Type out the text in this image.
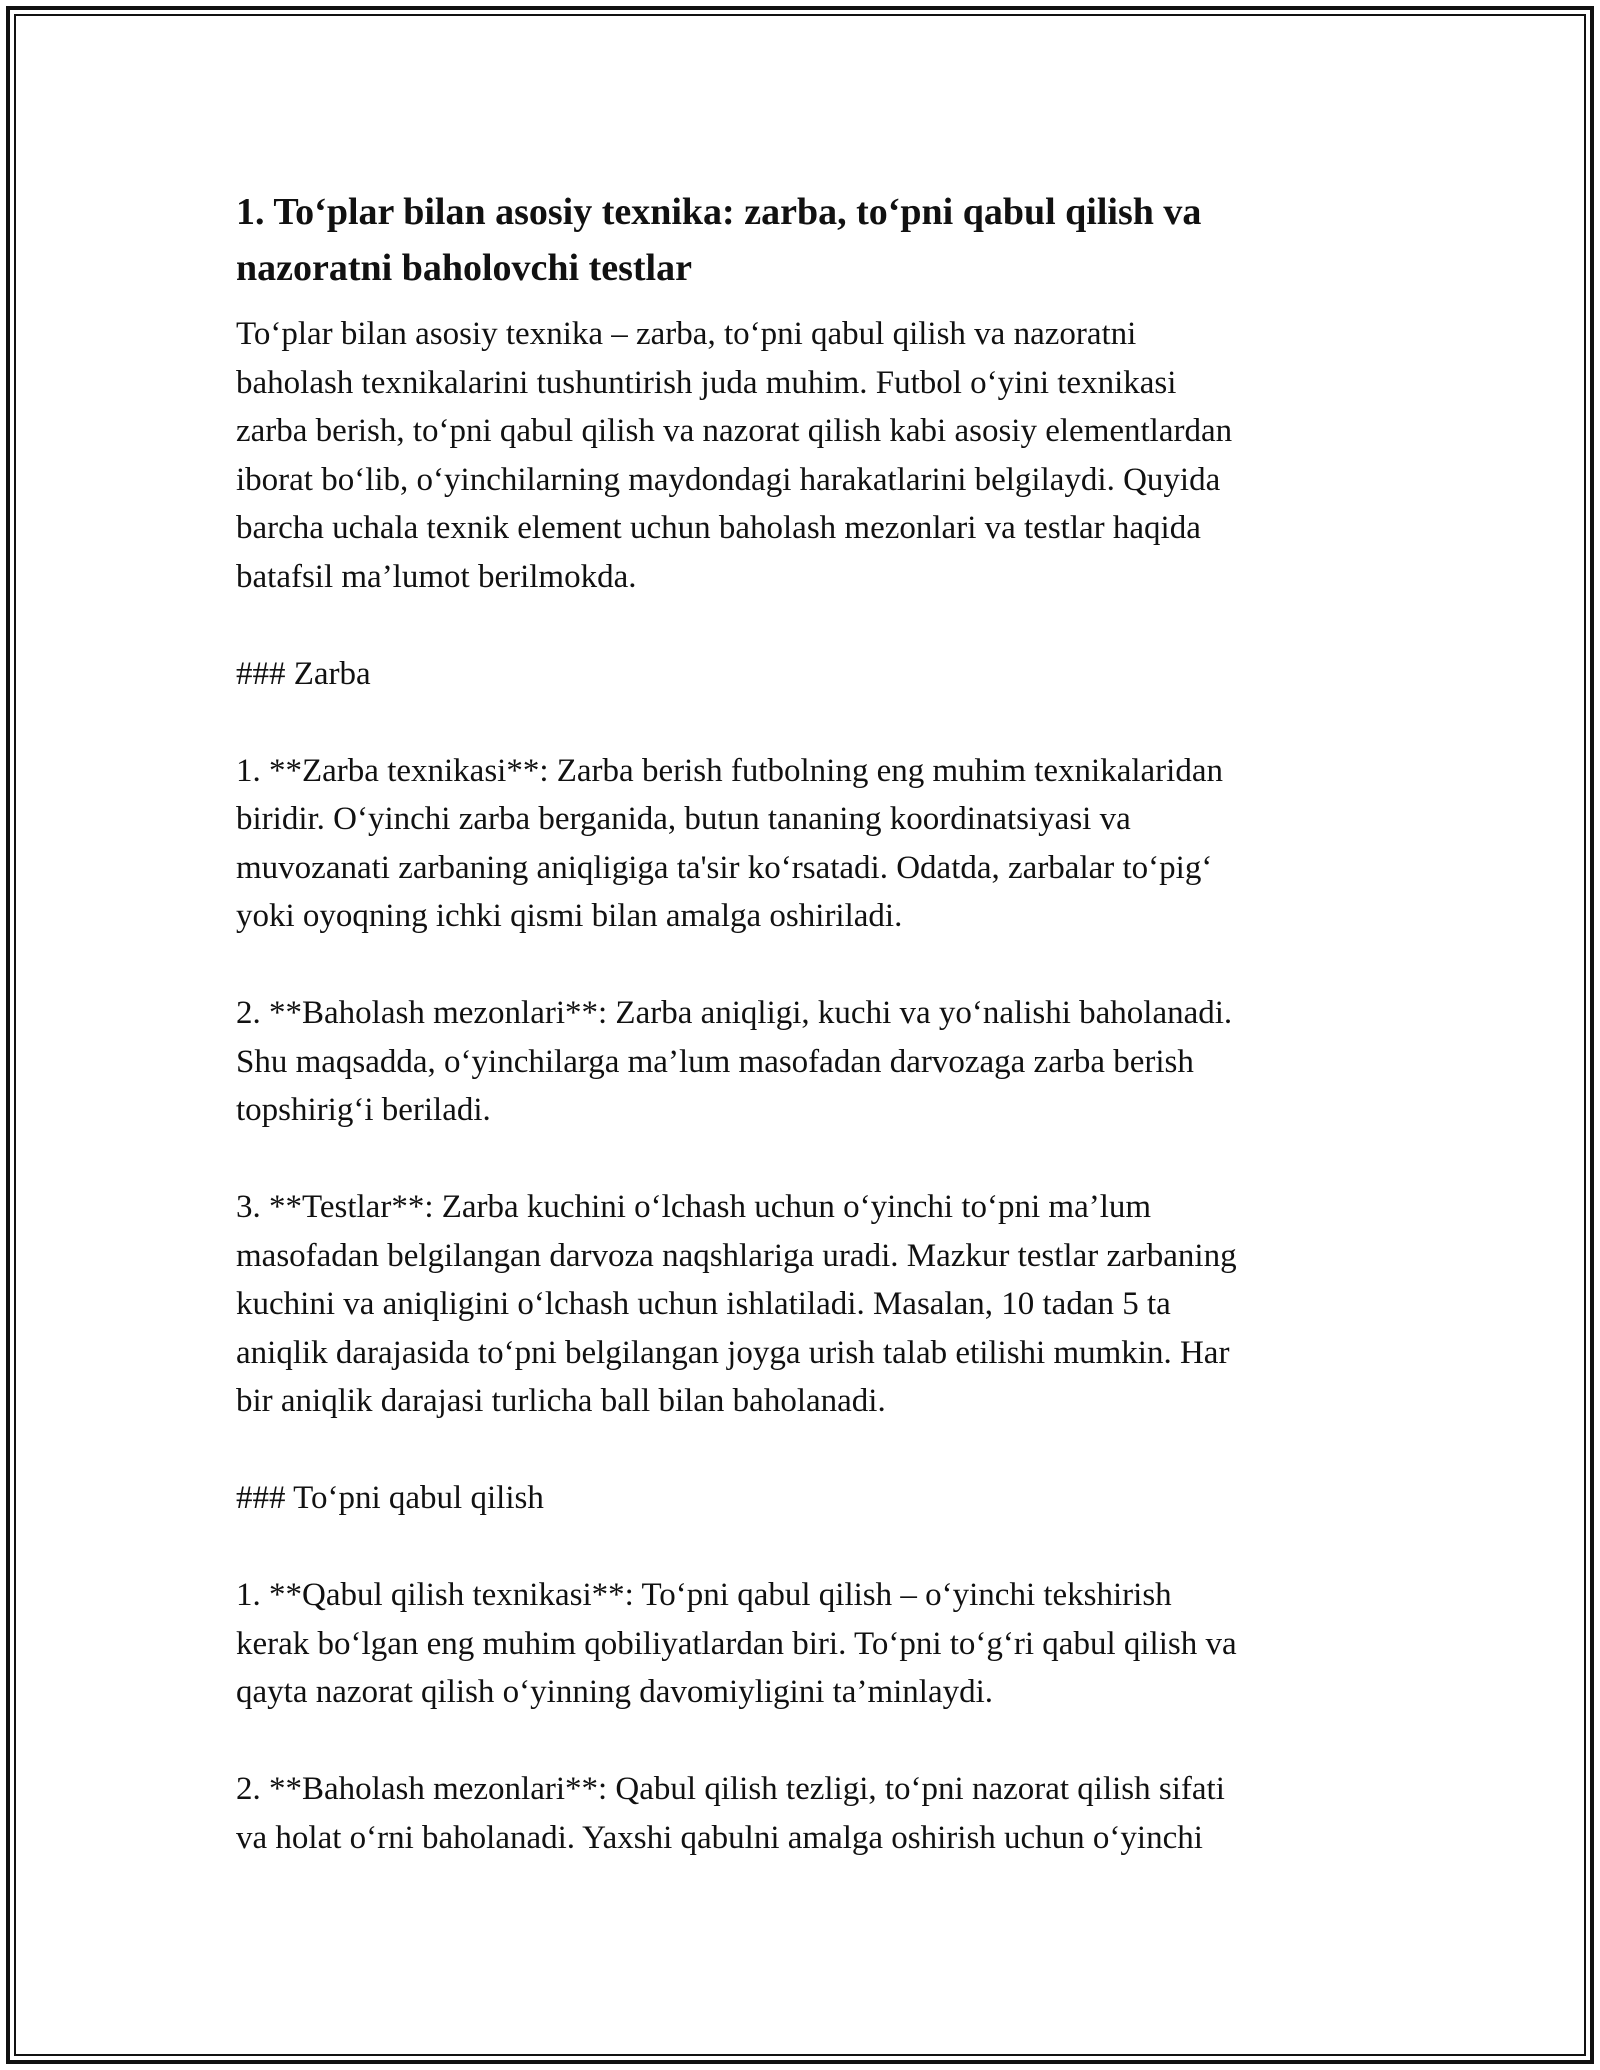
1. To‘plar bilan asosiy texnika: zarba, to‘pni qabul qilish va
nazoratni baholovchi testlar

To‘plar bilan asosiy texnika – zarba, to‘pni qabul qilish va nazoratni
baholash texnikalarini tushuntirish juda muhim. Futbol o‘yini texnikasi
zarba berish, to‘pni qabul qilish va nazorat qilish kabi asosiy elementlardan
iborat bo‘lib, o‘yinchilarning maydondagi harakatlarini belgilaydi. Quyida
barcha uchala texnik element uchun baholash mezonlari va testlar haqida
batafsil ma’lumot berilmokda.

### Zarba

1. **Zarba texnikasi**: Zarba berish futbolning eng muhim texnikalaridan
biridir. O‘yinchi zarba berganida, butun tananing koordinatsiyasi va
muvozanati zarbaning aniqligiga ta'sir ko‘rsatadi. Odatda, zarbalar to‘pig‘
yoki oyoqning ichki qismi bilan amalga oshiriladi.

2. **Baholash mezonlari**: Zarba aniqligi, kuchi va yo‘nalishi baholanadi.
Shu maqsadda, o‘yinchilarga ma’lum masofadan darvozaga zarba berish
topshirig‘i beriladi.

3. **Testlar**: Zarba kuchini o‘lchash uchun o‘yinchi to‘pni ma’lum
masofadan belgilangan darvoza naqshlariga uradi. Mazkur testlar zarbaning
kuchini va aniqligini o‘lchash uchun ishlatiladi. Masalan, 10 tadan 5 ta
aniqlik darajasida to‘pni belgilangan joyga urish talab etilishi mumkin. Har
bir aniqlik darajasi turlicha ball bilan baholanadi.

### To‘pni qabul qilish

1. **Qabul qilish texnikasi**: To‘pni qabul qilish – o‘yinchi tekshirish
kerak bo‘lgan eng muhim qobiliyatlardan biri. To‘pni to‘g‘ri qabul qilish va
qayta nazorat qilish o‘yinning davomiyligini ta’minlaydi.

2. **Baholash mezonlari**: Qabul qilish tezligi, to‘pni nazorat qilish sifati
va holat o‘rni baholanadi. Yaxshi qabulni amalga oshirish uchun o‘yinchi
